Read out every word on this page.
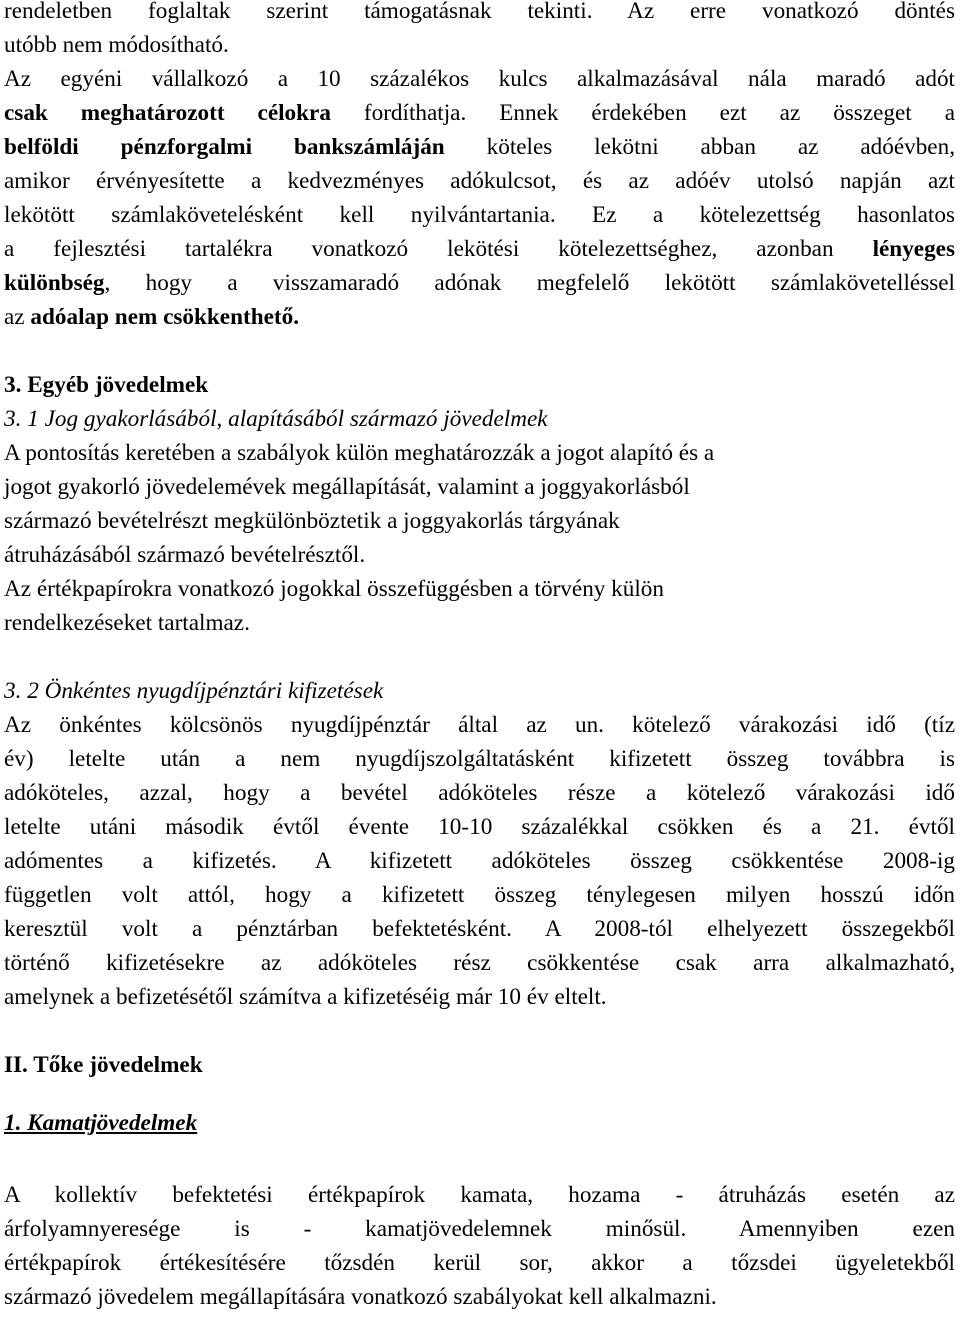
rendeletben foglaltak szerint támogatásnak tekinti. Az erre vonatkozó döntés
utóbb nem módosítható.
Az egyéni vállalkozó a 10 százalékos kulcs alkalmazásával nála maradó adót
csak meghatározott célokra fordíthatja. Ennek érdekében ezt az összeget a
belföldi pénzforgalmi bankszámláján köteles lekötni abban az adóévben,
amikor érvényesítette a kedvezményes adókulcsot, és az adóév utolsó napján azt
lekötött számlakövetelésként kell nyilvántartania. Ez a kötelezettség hasonlatos
a fejlesztési tartalékra vonatkozó lekötési kötelezettséghez, azonban lényeges
különbség, hogy a visszamaradó adónak megfelelő lekötött számlakövetelléssel
az adóalap nem csökkenthető.
3. Egyéb jövedelmek
3. 1 Jog gyakorlásából, alapításából származó jövedelmek
A pontosítás keretében a szabályok külön meghatározzák a jogot alapító és a
jogot gyakorló jövedelemévek megállapítását, valamint a joggyakorlásból
származó bevételrészt megkülönböztetik a joggyakorlás tárgyának
átruházásából származó bevételrésztől.
Az értékpapírokra vonatkozó jogokkal összefüggésben a törvény külön
rendelkezéseket tartalmaz.
3. 2 Önkéntes nyugdíjpénztári kifizetések
Az önkéntes kölcsönös nyugdíjpénztár által az un. kötelező várakozási idő (tíz
év) letelte után a nem nyugdíjszolgáltatásként kifizetett összeg továbbra is
adóköteles, azzal, hogy a bevétel adóköteles része a kötelező várakozási idő
letelte utáni második évtől évente 10-10 százalékkal csökken és a 21. évtől
adómentes a kifizetés. A kifizetett adóköteles összeg csökkentése 2008-ig
független volt attól, hogy a kifizetett összeg ténylegesen milyen hosszú időn
keresztül volt a pénztárban befektetésként. A 2008-tól elhelyezett összegekből
történő kifizetésekre az adóköteles rész csökkentése csak arra alkalmazható,
amelynek a befizetésétől számítva a kifizetéséig már 10 év eltelt.
II. Tőke jövedelmek
1. Kamatjövedelmek
A kollektív befektetési értékpapírok kamata, hozama - átruházás esetén az
árfolyamnyeresége is - kamatjövedelemnek minősül. Amennyiben ezen
értékpapírok értékesítésére tőzsdén kerül sor, akkor a tőzsdei ügyeletekből
származó jövedelem megállapítására vonatkozó szabályokat kell alkalmazni.
